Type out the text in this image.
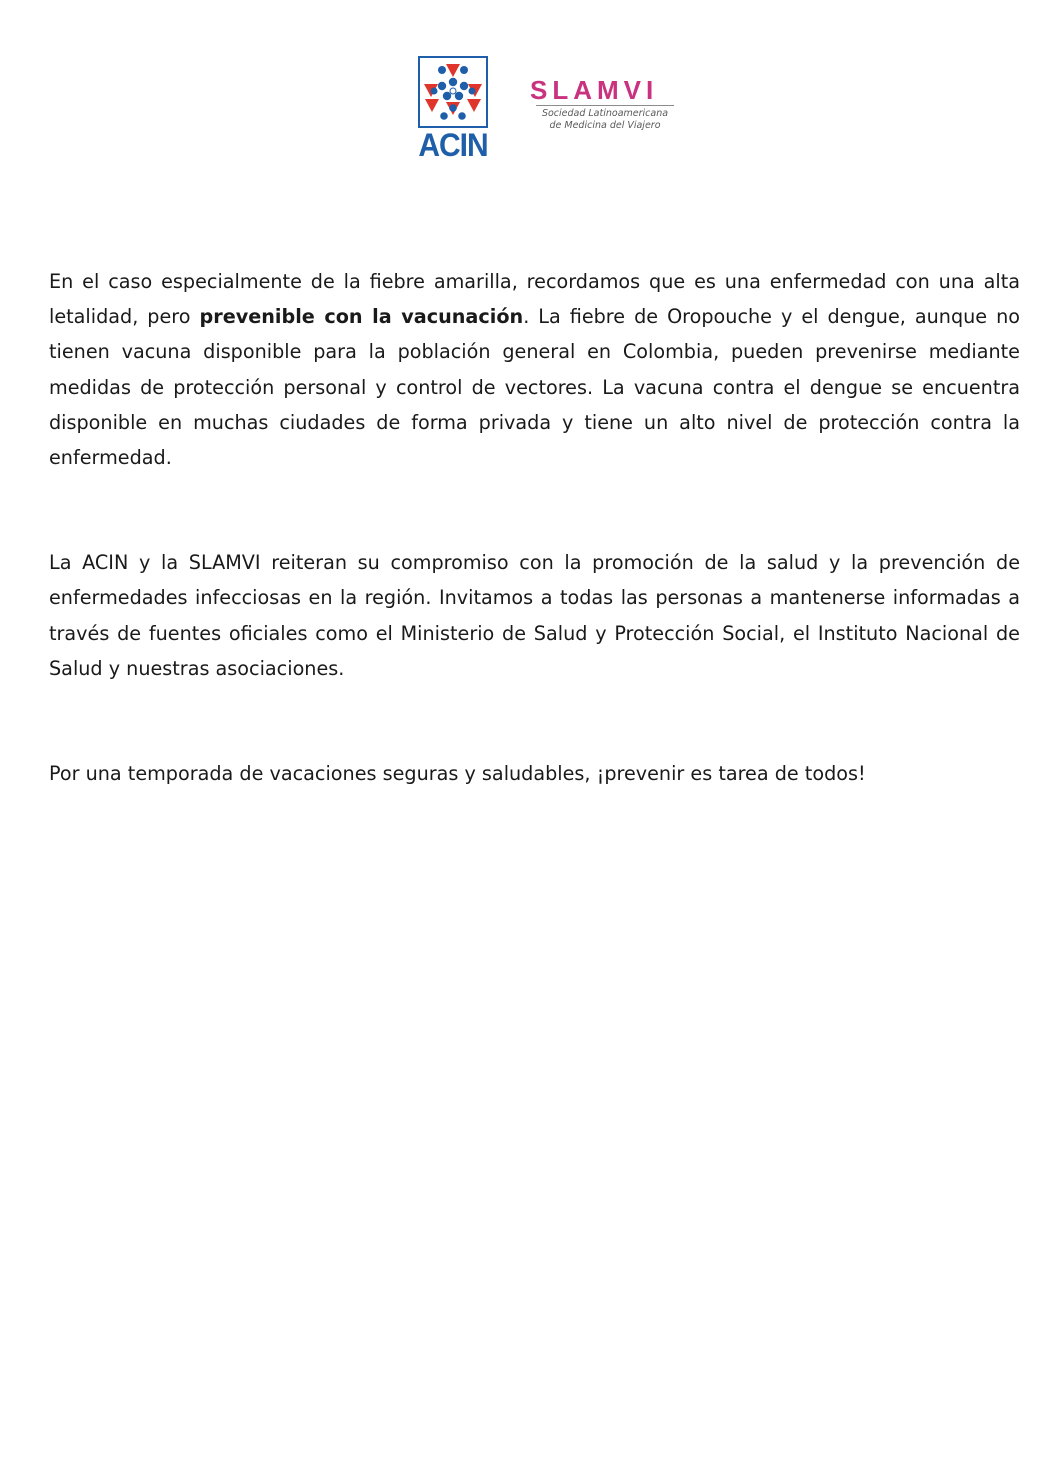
ACIN
SLAMVI
Sociedad Latinoamericana
de Medicina del Viajero

En el caso especialmente de la fiebre amarilla, recordamos que es una enfermedad con una alta letalidad, pero prevenible con la vacunación. La fiebre de Oropouche y el dengue, aunque no tienen vacuna disponible para la población general en Colombia, pueden prevenirse mediante medidas de protección personal y control de vectores. La vacuna contra el dengue se encuentra disponible en muchas ciudades de forma privada y tiene un alto nivel de protección contra la enfermedad.

La ACIN y la SLAMVI reiteran su compromiso con la promoción de la salud y la prevención de enfermedades infecciosas en la región. Invitamos a todas las personas a mantenerse informadas a través de fuentes oficiales como el Ministerio de Salud y Protección Social, el Instituto Nacional de Salud y nuestras asociaciones.

Por una temporada de vacaciones seguras y saludables, ¡prevenir es tarea de todos!
